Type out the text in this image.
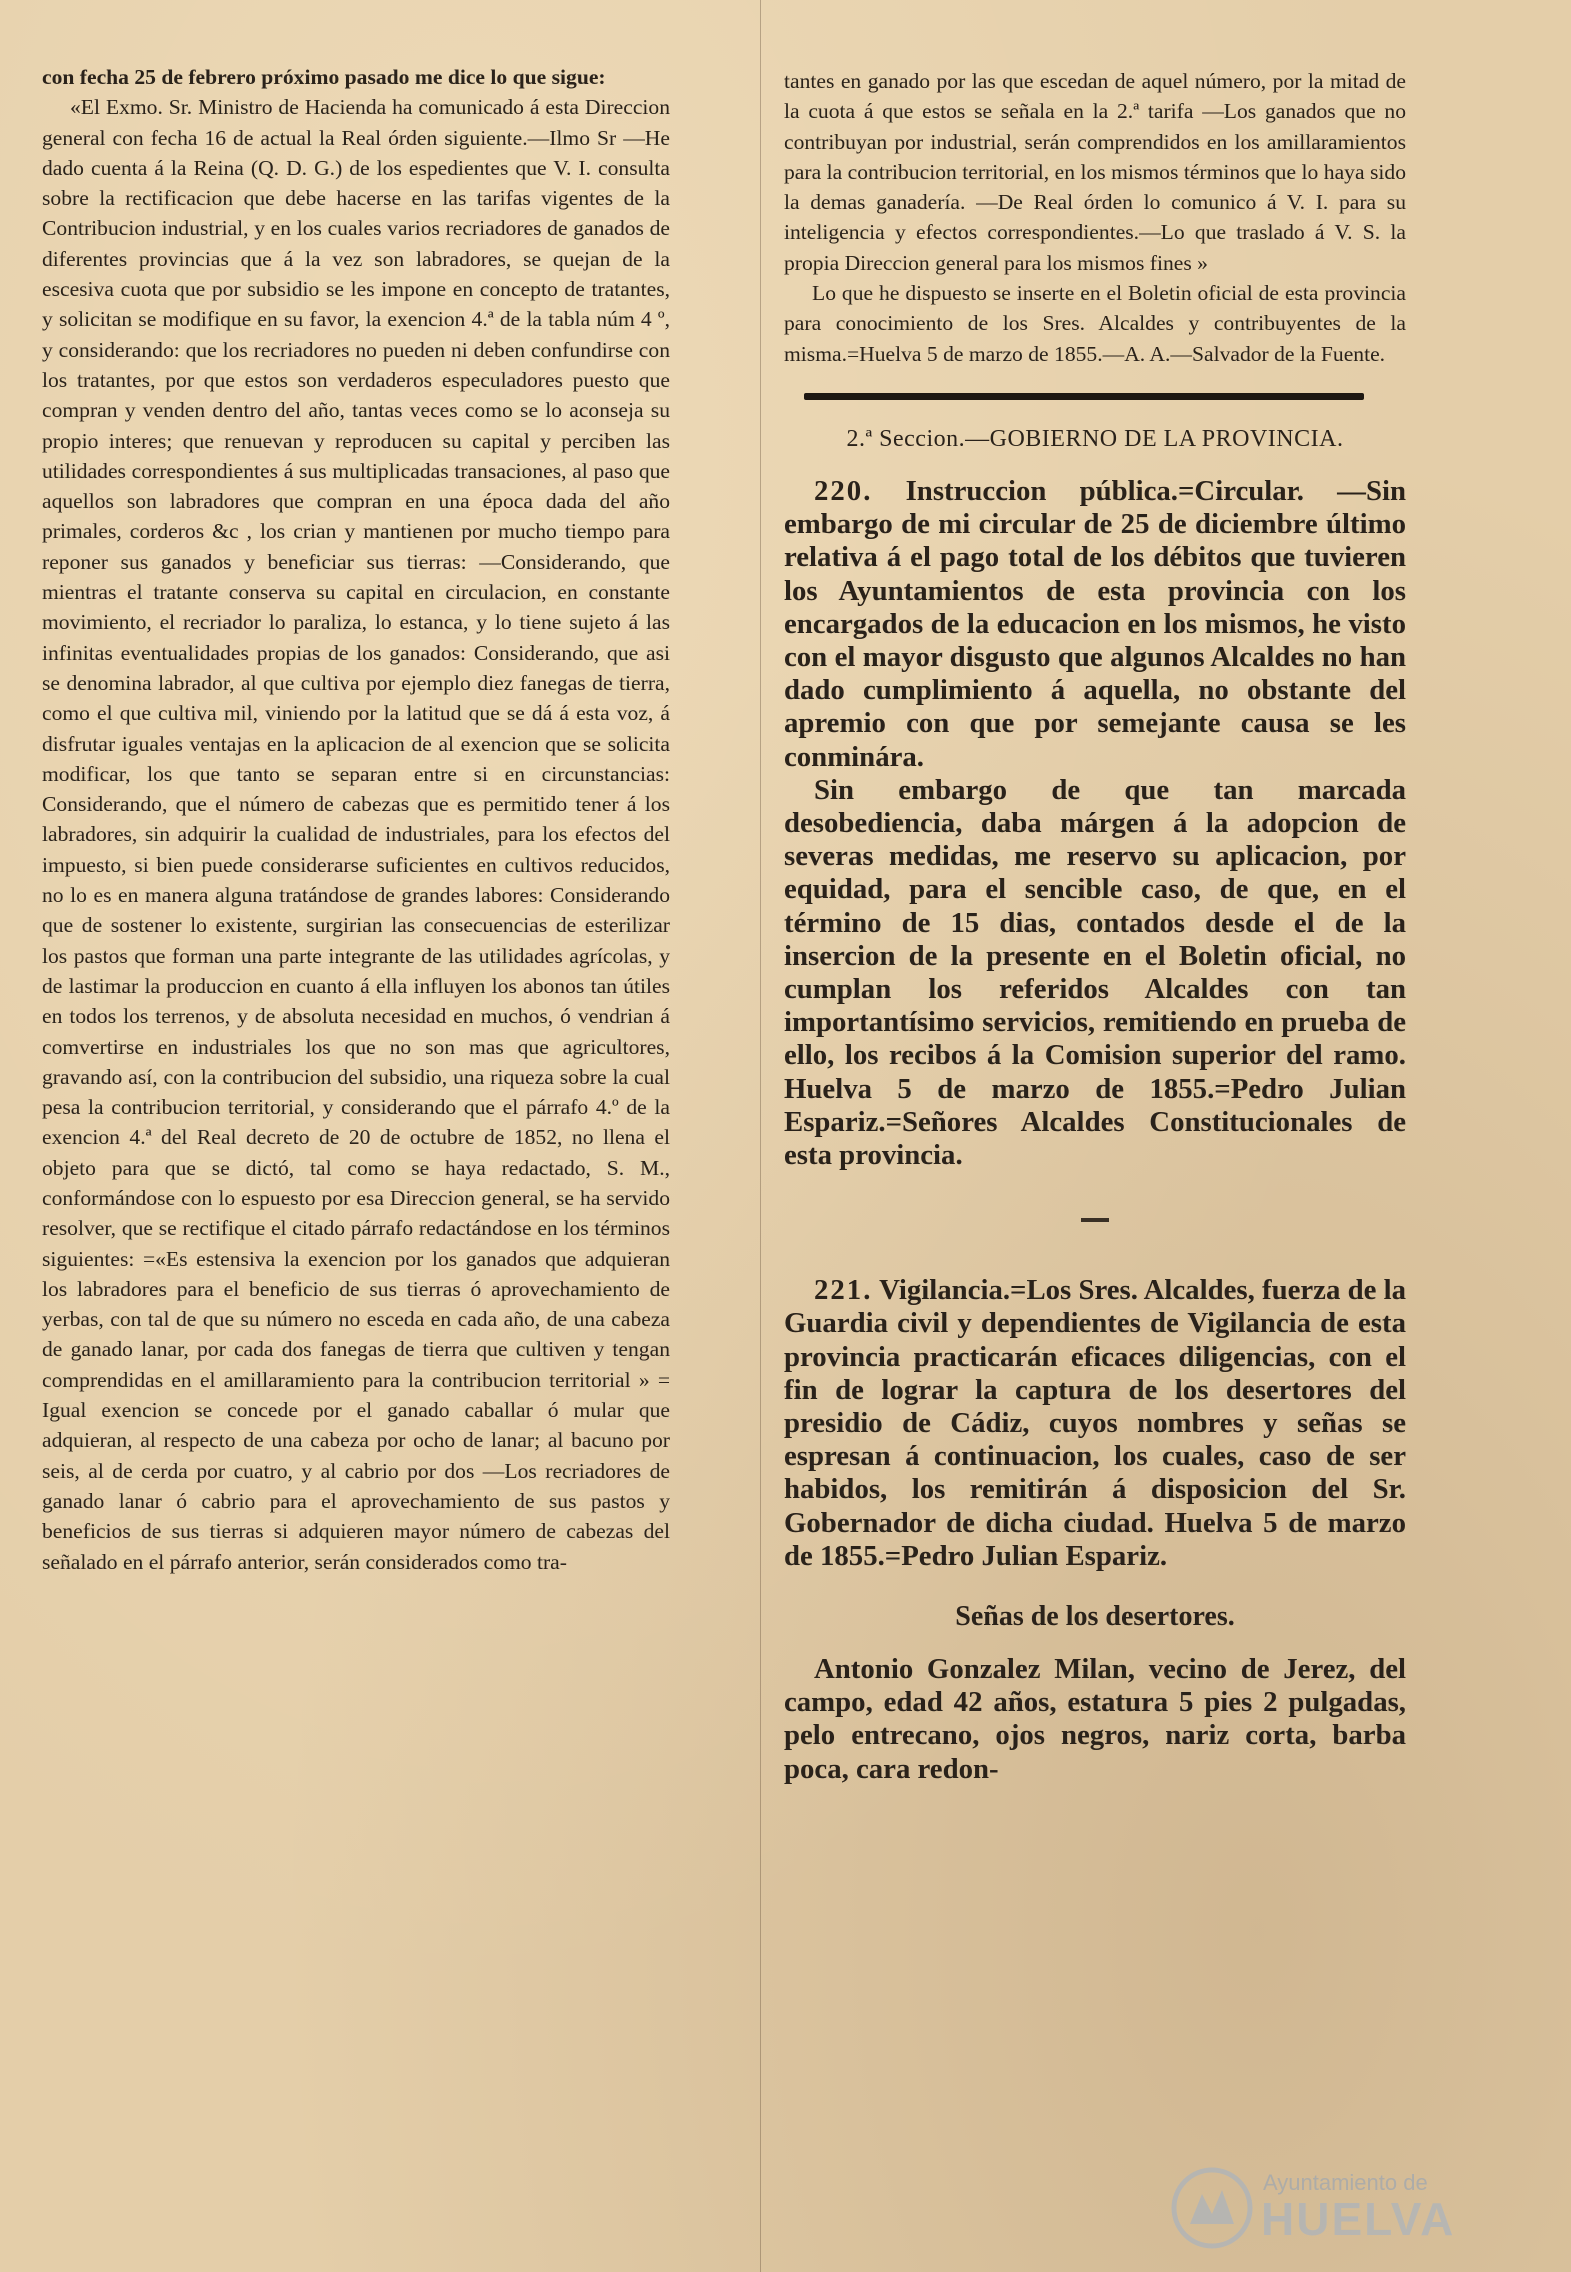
con fecha 25 de febrero próximo pasado me dice lo que sigue:

«El Exmo. Sr. Ministro de Hacienda ha comunicado á esta Direccion general con fecha 16 de actual la Real órden siguiente.—Ilmo Sr —He dado cuenta á la Reina (Q. D. G.) de los espedientes que V. I. consulta sobre la rectificacion que debe hacerse en las tarifas vigentes de la Contribucion industrial, y en los cuales varios recriadores de ganados de diferentes provincias que á la vez son labradores, se quejan de la escesiva cuota que por subsidio se les impone en concepto de tratantes, y solicitan se modifique en su favor, la exencion 4.ª de la tabla núm 4 º, y considerando: que los recriadores no pueden ni deben confundirse con los tratantes, por que estos son verdaderos especuladores puesto que compran y venden dentro del año, tantas veces como se lo aconseja su propio interes; que renuevan y reproducen su capital y perciben las utilidades correspondientes á sus multiplicadas transaciones, al paso que aquellos son labradores que compran en una época dada del año primales, corderos &c , los crian y mantienen por mucho tiempo para reponer sus ganados y beneficiar sus tierras: —Considerando, que mientras el tratante conserva su capital en circulacion, en constante movimiento, el recriador lo paraliza, lo estanca, y lo tiene sujeto á las infinitas eventualidades propias de los ganados: Considerando, que asi se denomina labrador, al que cultiva por ejemplo diez fanegas de tierra, como el que cultiva mil, viniendo por la latitud que se dá á esta voz, á disfrutar iguales ventajas en la aplicacion de al exencion que se solicita modificar, los que tanto se separan entre si en circunstancias: Considerando, que el número de cabezas que es permitido tener á los labradores, sin adquirir la cualidad de industriales, para los efectos del impuesto, si bien puede considerarse suficientes en cultivos reducidos, no lo es en manera alguna tratándose de grandes labores: Considerando que de sostener lo existente, surgirian las consecuencias de esterilizar los pastos que forman una parte integrante de las utilidades agrícolas, y de lastimar la produccion en cuanto á ella influyen los abonos tan útiles en todos los terrenos, y de absoluta necesidad en muchos, ó vendrian á comvertirse en industriales los que no son mas que agricultores, gravando así, con la contribucion del subsidio, una riqueza sobre la cual pesa la contribucion territorial, y considerando que el párrafo 4.º de la exencion 4.ª del Real decreto de 20 de octubre de 1852, no llena el objeto para que se dictó, tal como se haya redactado, S. M., conformándose con lo espuesto por esa Direccion general, se ha servido resolver, que se rectifique el citado párrafo redactándose en los términos siguientes: =«Es estensiva la exencion por los ganados que adquieran los labradores para el beneficio de sus tierras ó aprovechamiento de yerbas, con tal de que su número no esceda en cada año, de una cabeza de ganado lanar, por cada dos fanegas de tierra que cultiven y tengan comprendidas en el amillaramiento para la contribucion territorial » = Igual exencion se concede por el ganado caballar ó mular que adquieran, al respecto de una cabeza por ocho de lanar; al bacuno por seis, al de cerda por cuatro, y al cabrio por dos —Los recriadores de ganado lanar ó cabrio para el aprovechamiento de sus pastos y beneficios de sus tierras si adquieren mayor número de cabezas del señalado en el párrafo anterior, serán considerados como tra-

tantes en ganado por las que escedan de aquel número, por la mitad de la cuota á que estos se señala en la 2.ª tarifa —Los ganados que no contribuyan por industrial, serán comprendidos en los amillaramientos para la contribucion territorial, en los mismos términos que lo haya sido la demas ganadería. —De Real órden lo comunico á V. I. para su inteligencia y efectos correspondientes.—Lo que traslado á V. S. la propia Direccion general para los mismos fines »

Lo que he dispuesto se inserte en el Boletin oficial de esta provincia para conocimiento de los Sres. Alcaldes y contribuyentes de la misma.=Huelva 5 de marzo de 1855.—A. A.—Salvador de la Fuente.

2.ª Seccion.—GOBIERNO DE LA PROVINCIA.

220. Instruccion pública.=Circular. —Sin embargo de mi circular de 25 de diciembre último relativa á el pago total de los débitos que tuvieren los Ayuntamientos de esta provincia con los encargados de la educacion en los mismos, he visto con el mayor disgusto que algunos Alcaldes no han dado cumplimiento á aquella, no obstante del apremio con que por semejante causa se les conminára.

Sin embargo de que tan marcada desobediencia, daba márgen á la adopcion de severas medidas, me reservo su aplicacion, por equidad, para el sencible caso, de que, en el término de 15 dias, contados desde el de la insercion de la presente en el Boletin oficial, no cumplan los referidos Alcaldes con tan importantísimo servicios, remitiendo en prueba de ello, los recibos á la Comision superior del ramo. Huelva 5 de marzo de 1855.=Pedro Julian Espariz.=Señores Alcaldes Constitucionales de esta provincia.

221. Vigilancia.=Los Sres. Alcaldes, fuerza de la Guardia civil y dependientes de Vigilancia de esta provincia practicarán eficaces diligencias, con el fin de lograr la captura de los desertores del presidio de Cádiz, cuyos nombres y señas se espresan á continuacion, los cuales, caso de ser habidos, los remitirán á disposicion del Sr. Gobernador de dicha ciudad. Huelva 5 de marzo de 1855.=Pedro Julian Espariz.

Señas de los desertores.

Antonio Gonzalez Milan, vecino de Jerez, del campo, edad 42 años, estatura 5 pies 2 pulgadas, pelo entrecano, ojos negros, nariz corta, barba poca, cara redon-

Ayuntamiento de
HUELVA
